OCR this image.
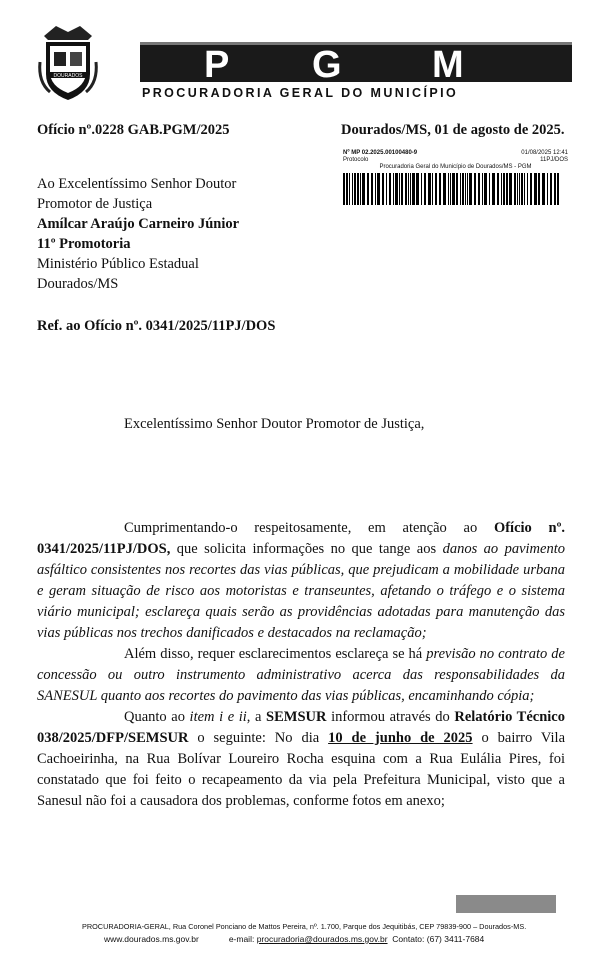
DOURADOS	P G M
PROCURADORIA GERAL DO MUNICÍPIO
Ofício nº.0228 GAB.PGM/2025	Dourados/MS, 01 de agosto de 2025.
Nº MP 02.2025.00100480-9	01/08/2025 12:41
Protocolo	11PJ/DOS
Procuradoria Geral do Município de Dourados/MS - PGM
Ao Excelentíssimo Senhor Doutor
Promotor de Justiça
Amílcar Araújo Carneiro Júnior
11º Promotoria
Ministério Público Estadual
Dourados/MS
Ref. ao Ofício nº. 0341/2025/11PJ/DOS
Excelentíssimo Senhor Doutor Promotor de Justiça,

Cumprimentando-o respeitosamente, em atenção ao Ofício nº. 0341/2025/11PJ/DOS, que solicita informações no que tange aos danos ao pavimento asfáltico consistentes nos recortes das vias públicas, que prejudicam a mobilidade urbana e geram situação de risco aos motoristas e transeuntes, afetando o tráfego e o sistema viário municipal; esclareça quais serão as providências adotadas para manutenção das vias públicas nos trechos danificados e destacados na reclamação;

Além disso, requer esclarecimentos esclareça se há previsão no contrato de concessão ou outro instrumento administrativo acerca das responsabilidades da SANESUL quanto aos recortes do pavimento das vias públicas, encaminhando cópia;

Quanto ao item i e ii, a SEMSUR informou através do Relatório Técnico 038/2025/DFP/SEMSUR o seguinte: No dia 10 de junho de 2025 o bairro Vila Cachoeirinha, na Rua Bolívar Loureiro Rocha esquina com a Rua Eulália Pires, foi constatado que foi feito o recapeamento da via pela Prefeitura Municipal, visto que a Sanesul não foi a causadora dos problemas, conforme fotos em anexo;

PROCURADORIA-GERAL, Rua Coronel Ponciano de Mattos Pereira, nº. 1.700, Parque dos Jequitibás, CEP 79839-900 – Dourados-MS.
www.dourados.ms.gov.br	e-mail: procuradoria@dourados.ms.gov.br Contato: (67) 3411-7684
